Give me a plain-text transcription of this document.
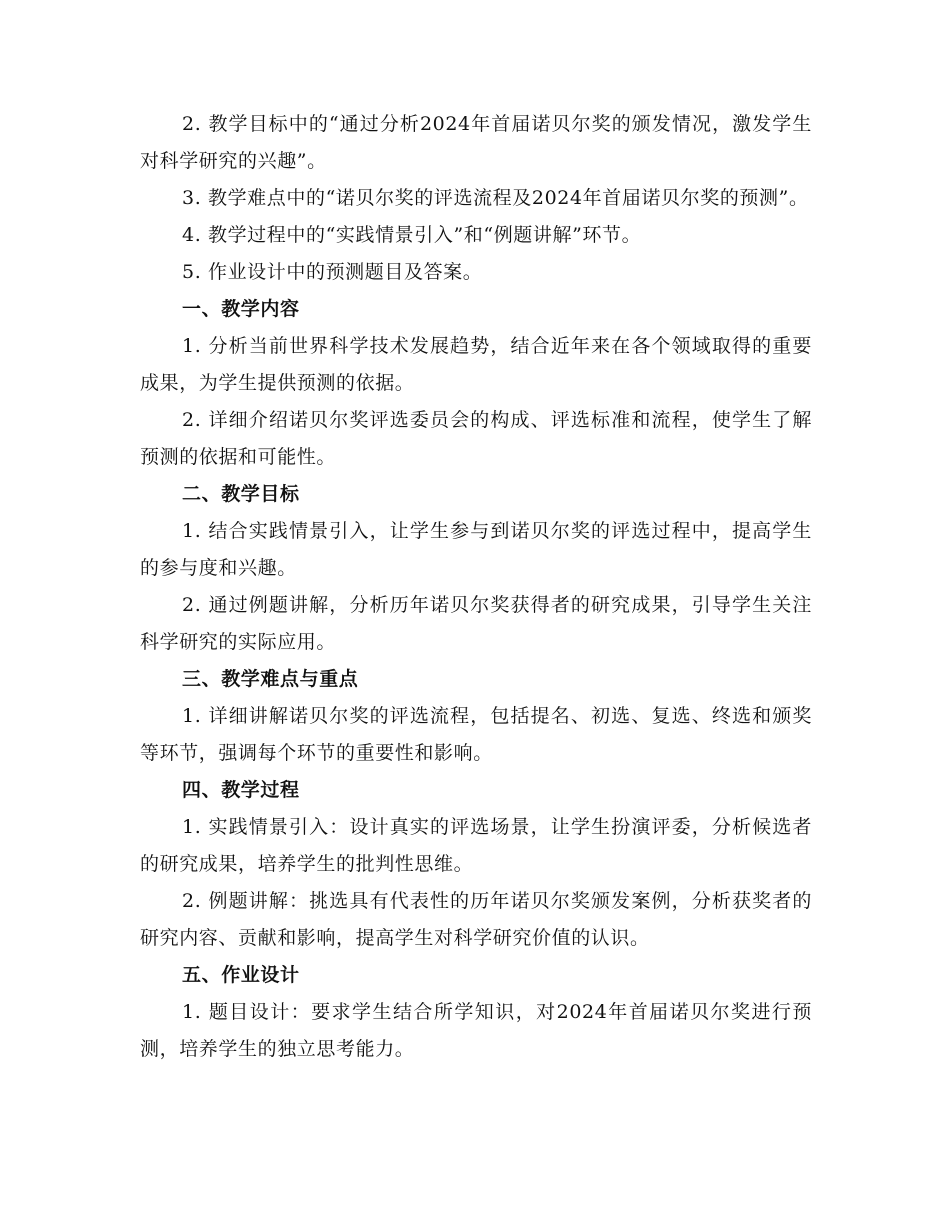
2. 教学目标中的“通过分析2024年首届诺贝尔奖的颁发情况，激发学生对科学研究的兴趣”。

3. 教学难点中的“诺贝尔奖的评选流程及2024年首届诺贝尔奖的预测”。

4. 教学过程中的“实践情景引入”和“例题讲解”环节。

5. 作业设计中的预测题目及答案。

一、教学内容

1. 分析当前世界科学技术发展趋势，结合近年来在各个领域取得的重要成果，为学生提供预测的依据。

2. 详细介绍诺贝尔奖评选委员会的构成、评选标准和流程，使学生了解预测的依据和可能性。

二、教学目标

1. 结合实践情景引入，让学生参与到诺贝尔奖的评选过程中，提高学生的参与度和兴趣。

2. 通过例题讲解，分析历年诺贝尔奖获得者的研究成果，引导学生关注科学研究的实际应用。

三、教学难点与重点

1. 详细讲解诺贝尔奖的评选流程，包括提名、初选、复选、终选和颁奖等环节，强调每个环节的重要性和影响。

四、教学过程

1. 实践情景引入：设计真实的评选场景，让学生扮演评委，分析候选者的研究成果，培养学生的批判性思维。

2. 例题讲解：挑选具有代表性的历年诺贝尔奖颁发案例，分析获奖者的研究内容、贡献和影响，提高学生对科学研究价值的认识。

五、作业设计

1. 题目设计：要求学生结合所学知识，对2024年首届诺贝尔奖进行预测，培养学生的独立思考能力。
